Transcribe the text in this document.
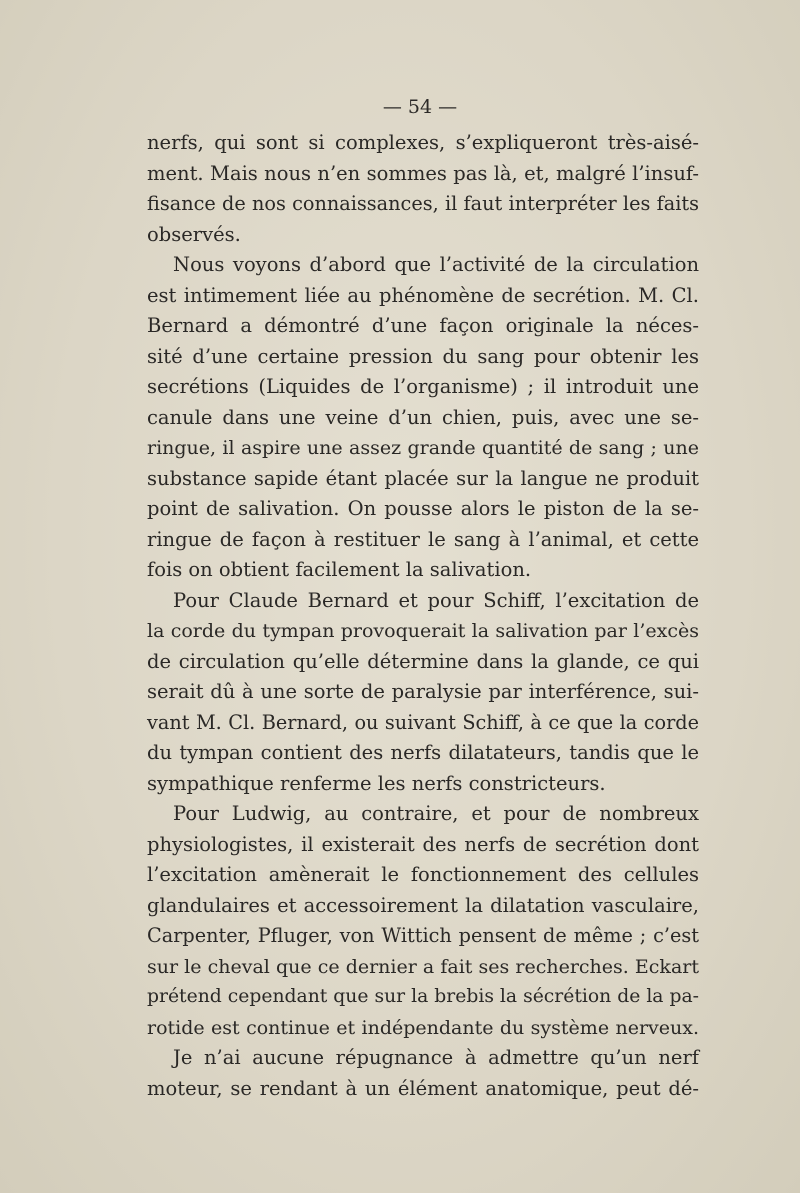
— 54 —
nerfs, qui sont si complexes, s’expliqueront très-aisé-
ment. Mais nous n’en sommes pas là, et, malgré l’insuf-
fisance de nos connaissances, il faut interpréter les faits
observés.
Nous voyons d’abord que l’activité de la circulation
est intimement liée au phénomène de secrétion. M. Cl.
Bernard a démontré d’une façon originale la néces-
sité d’une certaine pression du sang pour obtenir les
secrétions (Liquides de l’organisme) ; il introduit une
canule dans une veine d’un chien, puis, avec une se-
ringue, il aspire une assez grande quantité de sang ; une
substance sapide étant placée sur la langue ne produit
point de salivation. On pousse alors le piston de la se-
ringue de façon à restituer le sang à l’animal, et cette
fois on obtient facilement la salivation.
Pour Claude Bernard et pour Schiff, l’excitation de
la corde du tympan provoquerait la salivation par l’excès
de circulation qu’elle détermine dans la glande, ce qui
serait dû à une sorte de paralysie par interférence, sui-
vant M. Cl. Bernard, ou suivant Schiff, à ce que la corde
du tympan contient des nerfs dilatateurs, tandis que le
sympathique renferme les nerfs constricteurs.
Pour Ludwig, au contraire, et pour de nombreux
physiologistes, il existerait des nerfs de secrétion dont
l’excitation amènerait le fonctionnement des cellules
glandulaires et accessoirement la dilatation vasculaire,
Carpenter, Pfluger, von Wittich pensent de même ; c’est
sur le cheval que ce dernier a fait ses recherches. Eckart
prétend cependant que sur la brebis la sécrétion de la pa-
rotide est continue et indépendante du système nerveux.
Je n’ai aucune répugnance à admettre qu’un nerf
moteur, se rendant à un élément anatomique, peut dé-
